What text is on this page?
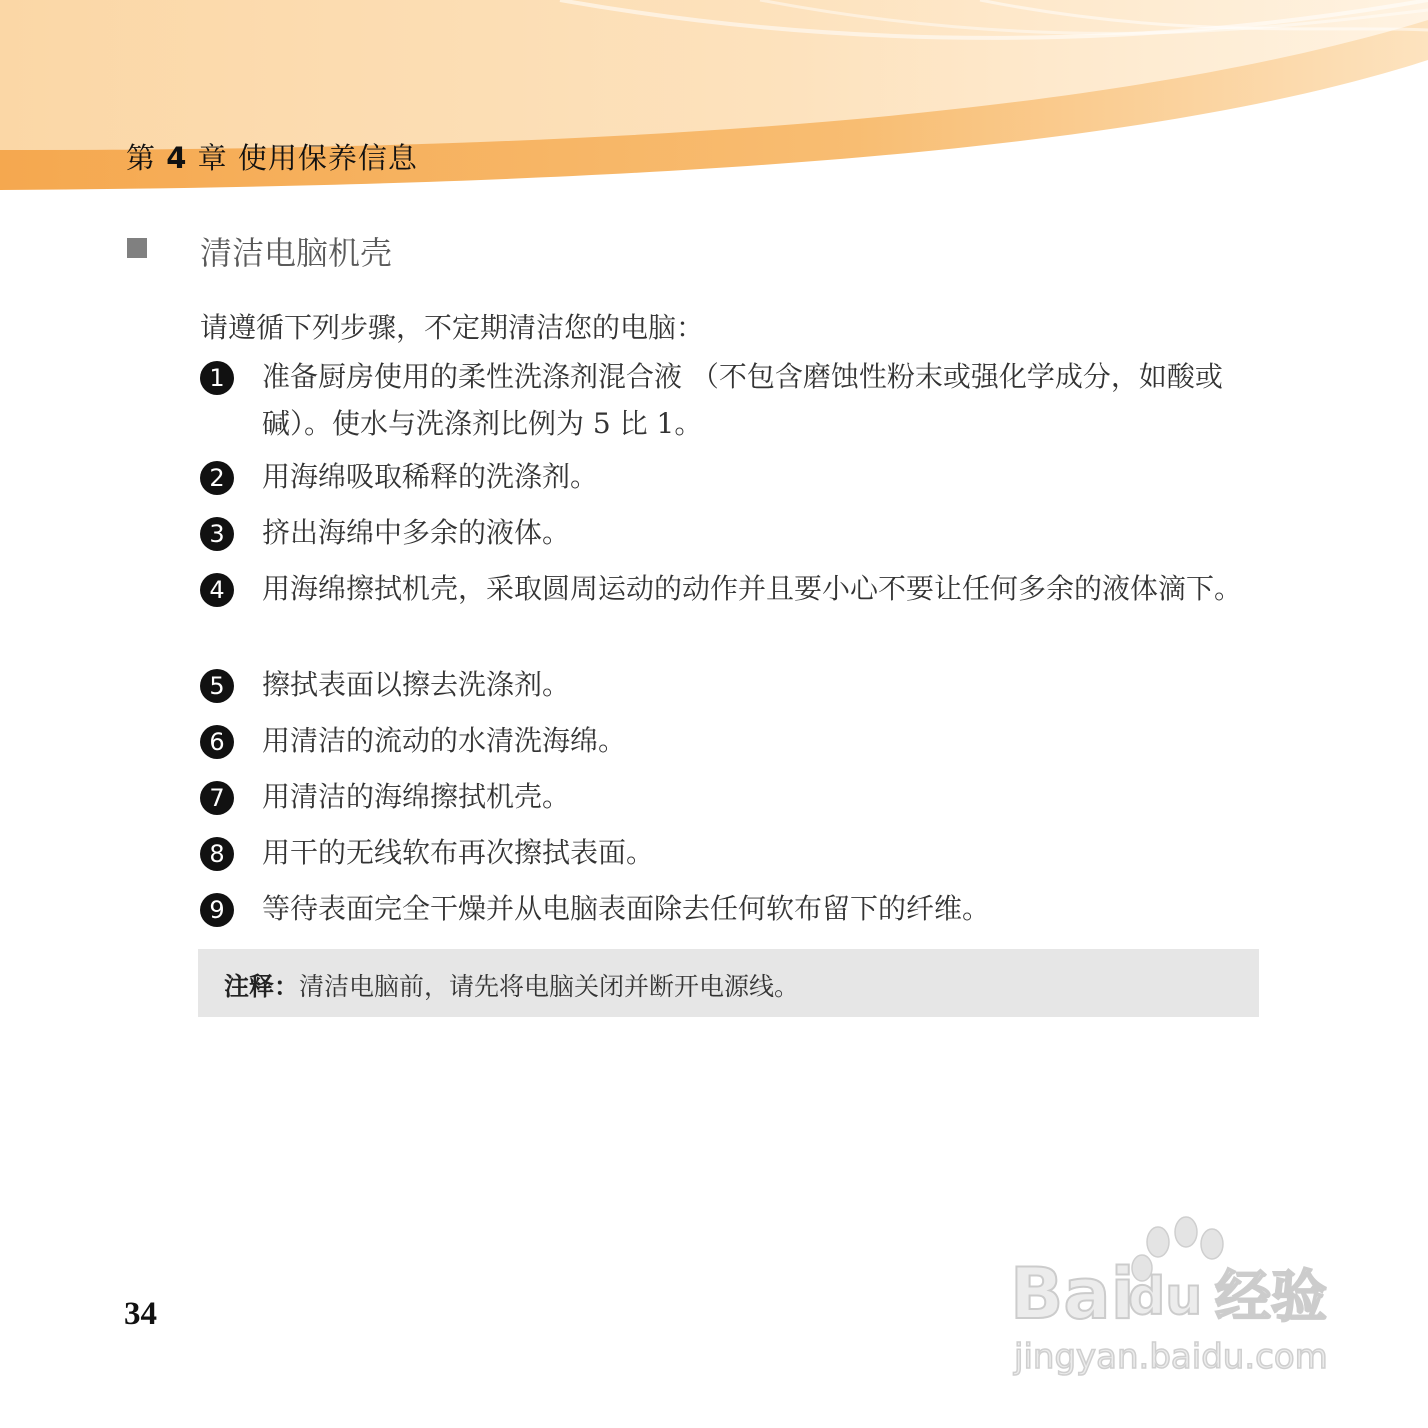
第 4 章 使用保养信息
清洁电脑机壳
请遵循下列步骤，不定期清洁您的电脑：
1	准备厨房使用的柔性洗涤剂混合液 （不包含磨蚀性粉末或强化学成分，如酸或碱）。使水与洗涤剂比例为 5 比 1。
2	用海绵吸取稀释的洗涤剂。
3	挤出海绵中多余的液体。
4	用海绵擦拭机壳，采取圆周运动的动作并且要小心不要让任何多余的液体滴下。
5	擦拭表面以擦去洗涤剂。
6	用清洁的流动的水清洗海绵。
7	用清洁的海绵擦拭机壳。
8	用干的无线软布再次擦拭表面。
9	等待表面完全干燥并从电脑表面除去任何软布留下的纤维。
注释：清洁电脑前，请先将电脑关闭并断开电源线。
34	Bai
du 经验
jingyan.baidu.com
